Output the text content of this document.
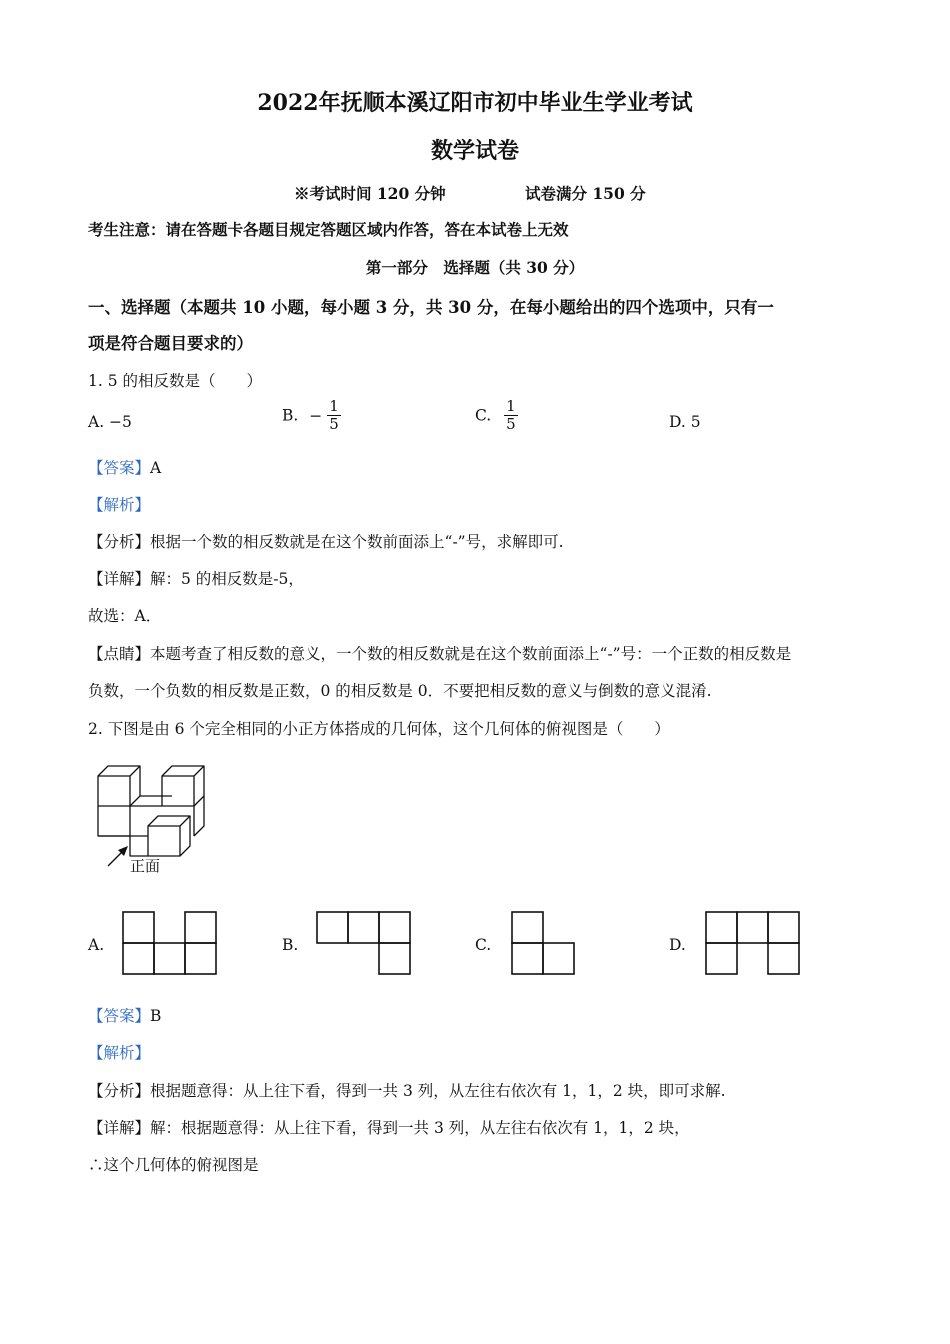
2022年抚顺本溪辽阳市初中毕业生学业考试
数学试卷
※考试时间 120 分钟	试卷满分 150 分
考生注意：请在答题卡各题目规定答题区域内作答，答在本试卷上无效
第一部分　选择题（共 30 分）
一、选择题（本题共 10 小题，每小题 3 分，共 30 分，在每小题给出的四个选项中，只有一
项是符合题目要求的）
1. 5 的相反数是（　　）
A. −5	B. − $\frac{1}{5}$	C. $\frac{1}{5}$	D. 5
【答案】A
【解析】
【分析】根据一个数的相反数就是在这个数前面添上“-”号，求解即可.
【详解】解：5 的相反数是-5，
故选：A．
【点睛】本题考查了相反数的意义，一个数的相反数就是在这个数前面添上“-”号：一个正数的相反数是
负数，一个负数的相反数是正数，0 的相反数是 0．不要把相反数的意义与倒数的意义混淆.
2. 下图是由 6 个完全相同的小正方体搭成的几何体，这个几何体的俯视图是（　　）
正面
A.	B.	C.	D.
【答案】B
【解析】
【分析】根据题意得：从上往下看，得到一共 3 列，从左往右依次有 1，1，2 块，即可求解.
【详解】解：根据题意得：从上往下看，得到一共 3 列，从左往右依次有 1，1，2 块，
∴这个几何体的俯视图是
